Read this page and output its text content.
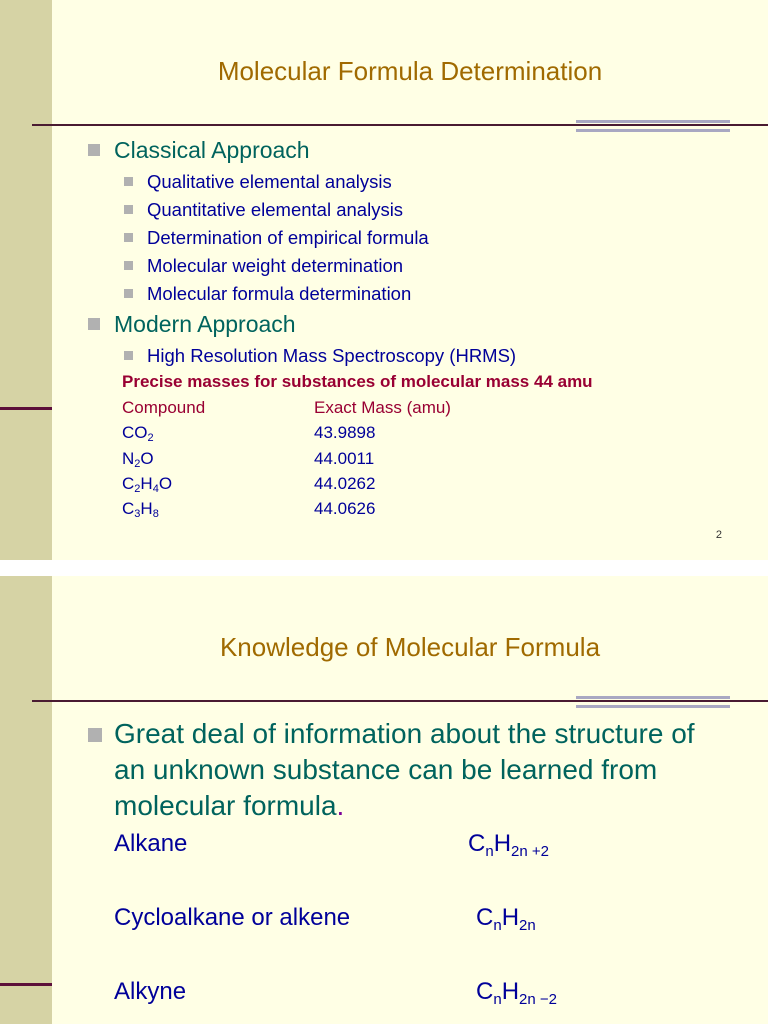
Molecular Formula Determination
Classical Approach
Qualitative elemental analysis
Quantitative elemental analysis
Determination of empirical formula
Molecular weight determination
Molecular formula determination
Modern Approach
High Resolution Mass Spectroscopy (HRMS)
Precise masses for substances of molecular mass 44 amu
Compound	Exact Mass (amu)
$CO_2$	43.9898
$N_2O$	44.0011
$C_2H_4O$	44.0262
$C_3H_8$	44.0626
2
Knowledge of Molecular Formula
Great deal of information about the structure of an unknown substance can be learned from molecular formula.
Alkane	$C_nH_{2n +2}$
Cycloalkane or alkene	$C_nH_{2n}$
Alkyne	$C_nH_{2n -2}$
